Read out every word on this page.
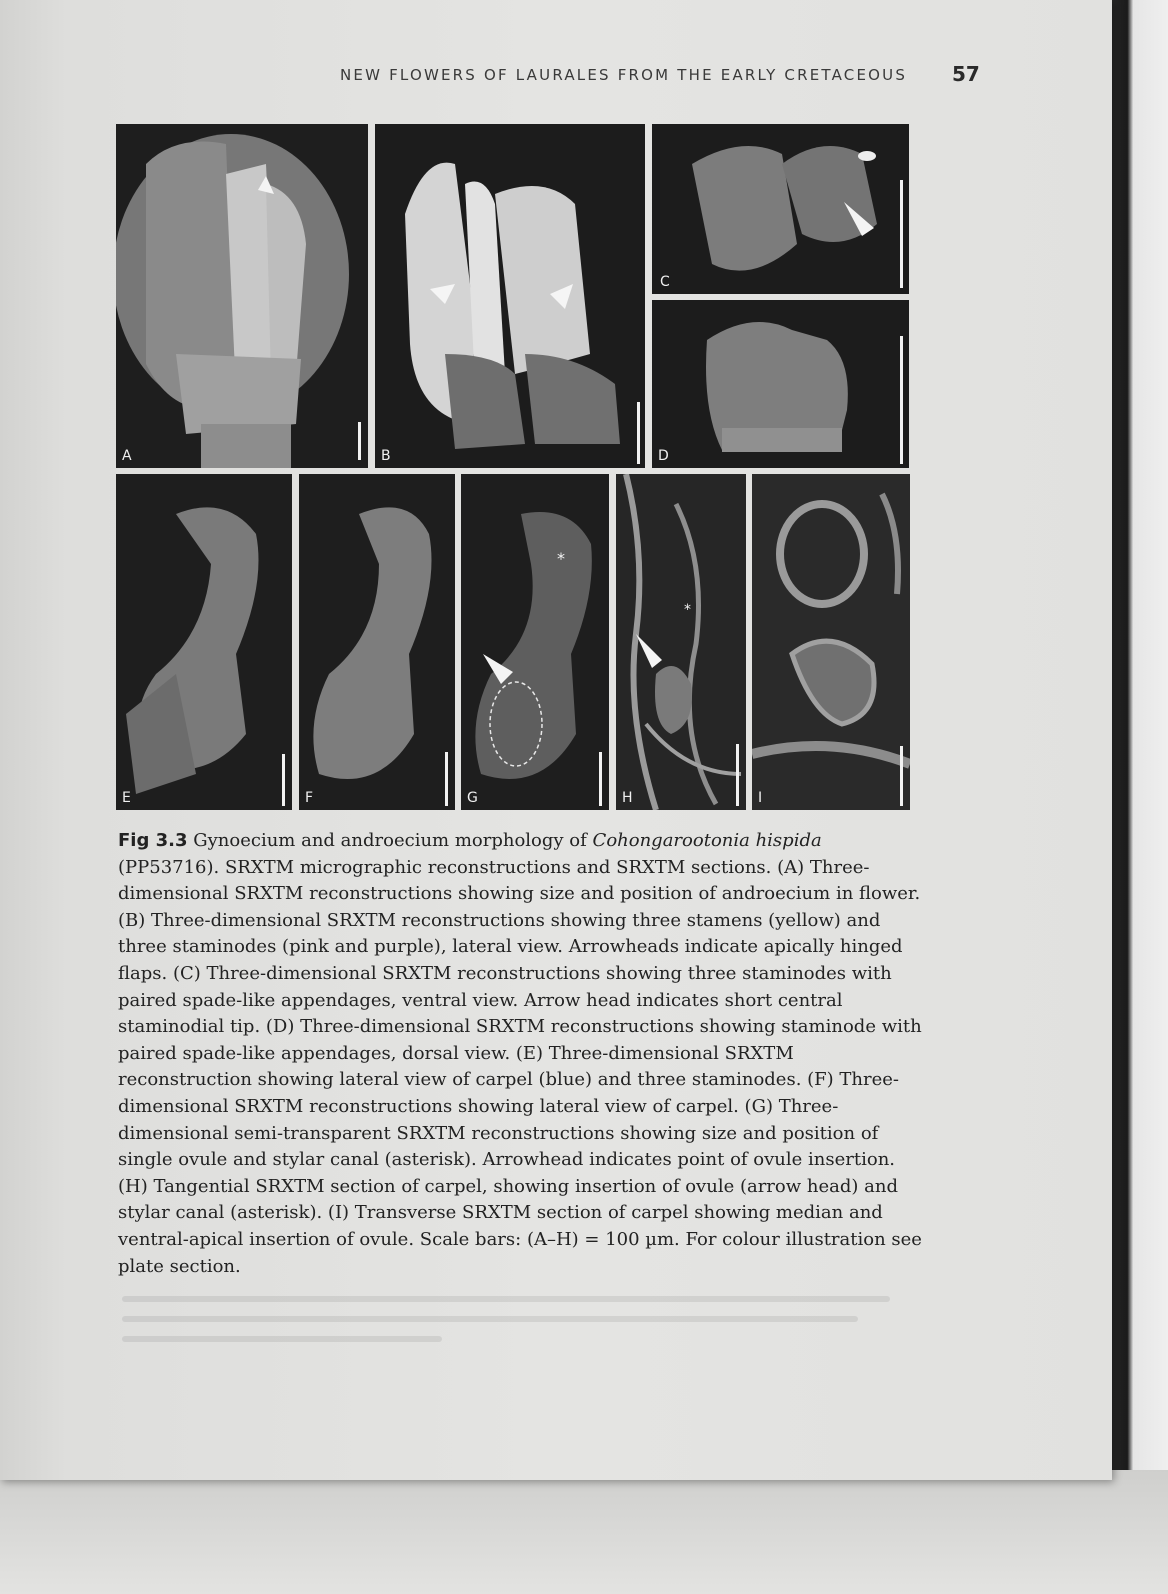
NEW FLOWERS OF LAURALES FROM THE EARLY CRETACEOUS 57
A	B
C
D
E	F
*
G
*
H	I

Fig 3.3 Gynoecium and androecium morphology of Cohongarootonia hispida (PP53716). SRXTM micrographic reconstructions and SRXTM sections. (A) Three-dimensional SRXTM reconstructions showing size and position of androecium in flower. (B) Three-dimensional SRXTM reconstructions showing three stamens (yellow) and three staminodes (pink and purple), lateral view. Arrowheads indicate apically hinged flaps. (C) Three-dimensional SRXTM reconstructions showing three staminodes with paired spade-like appendages, ventral view. Arrow head indicates short central staminodial tip. (D) Three-dimensional SRXTM reconstructions showing staminode with paired spade-like appendages, dorsal view. (E) Three-dimensional SRXTM reconstruction showing lateral view of carpel (blue) and three staminodes. (F) Three-dimensional SRXTM reconstructions showing lateral view of carpel. (G) Three-dimensional semi-transparent SRXTM reconstructions showing size and position of single ovule and stylar canal (asterisk). Arrowhead indicates point of ovule insertion. (H) Tangential SRXTM section of carpel, showing insertion of ovule (arrow head) and stylar canal (asterisk). (I) Transverse SRXTM section of carpel showing median and ventral-apical insertion of ovule. Scale bars: (A–H) = 100 µm. For colour illustration see plate section.
